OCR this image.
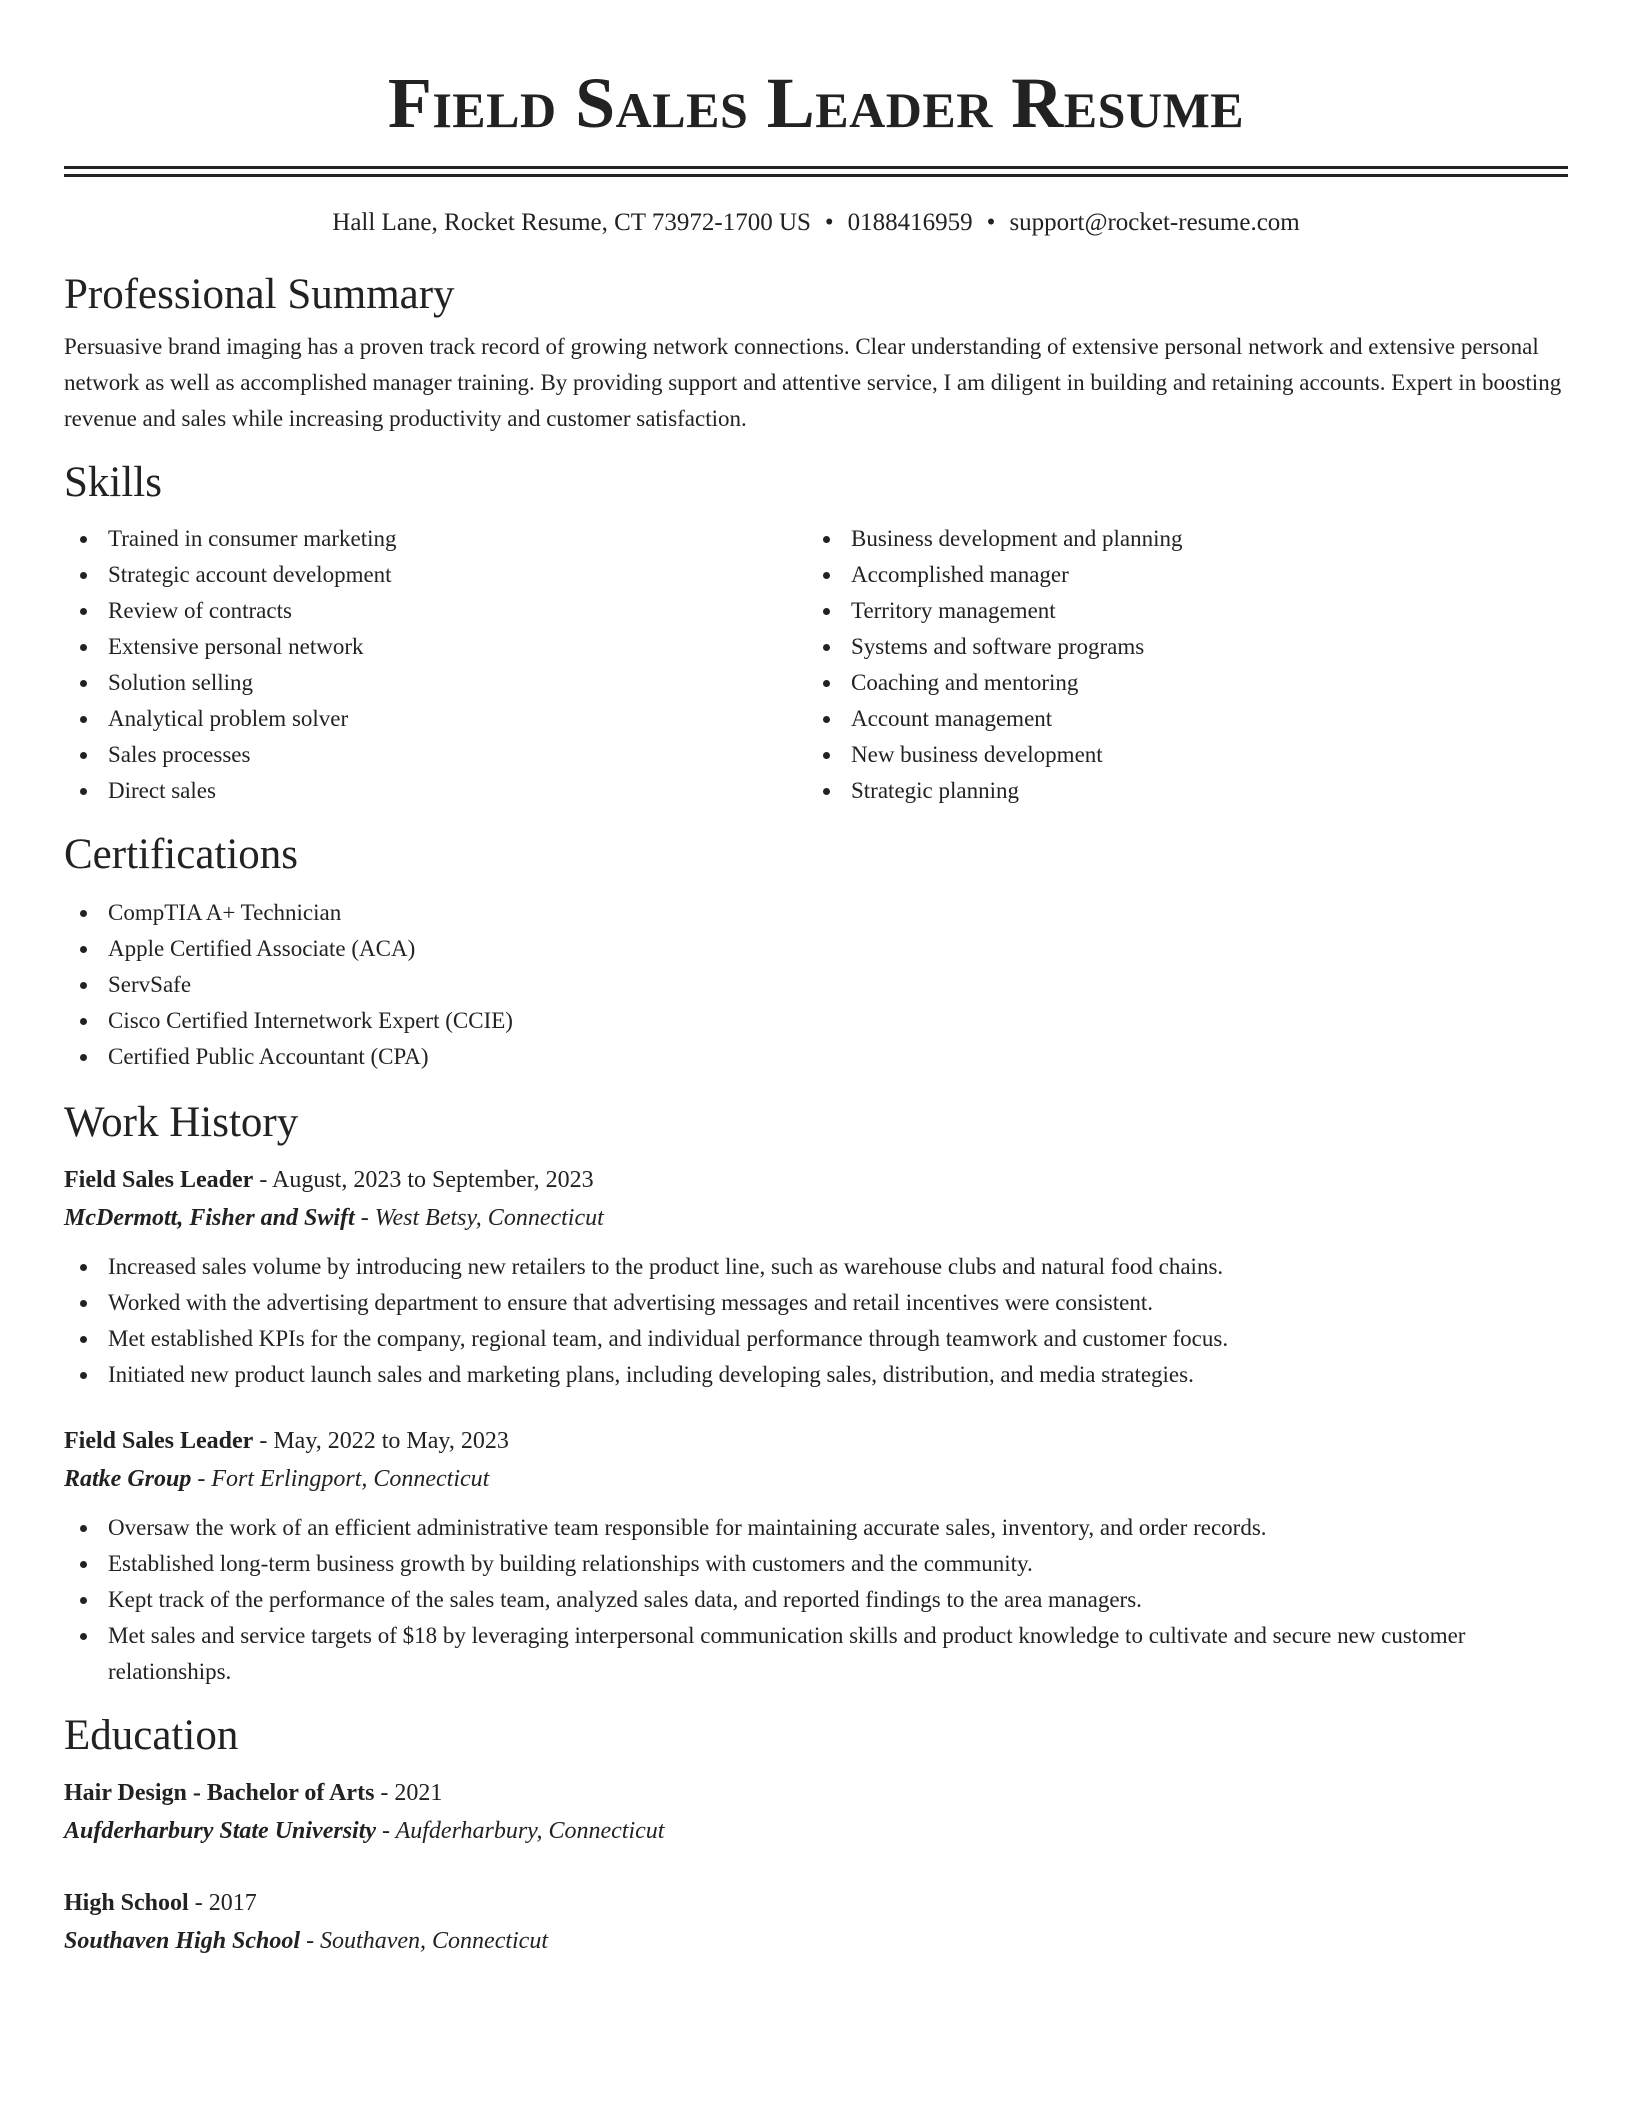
Field Sales Leader Resume
Hall Lane, Rocket Resume, CT 73972-1700 US • 0188416959 • support@rocket-resume.com
Professional Summary

Persuasive brand imaging has a proven track record of growing network connections. Clear understanding of extensive personal network and extensive personal network as well as accomplished manager training. By providing support and attentive service, I am diligent in building and retaining accounts. Expert in boosting revenue and sales while increasing productivity and customer satisfaction.

Skills
Trained in consumer marketing
Strategic account development
Review of contracts
Extensive personal network
Solution selling
Analytical problem solver
Sales processes
Direct sales
Business development and planning
Accomplished manager
Territory management
Systems and software programs
Coaching and mentoring
Account management
New business development
Strategic planning
Certifications
CompTIA A+ Technician
Apple Certified Associate (ACA)
ServSafe
Cisco Certified Internetwork Expert (CCIE)
Certified Public Accountant (CPA)
Work History
Field Sales Leader - August, 2023 to September, 2023
McDermott, Fisher and Swift - West Betsy, Connecticut
Increased sales volume by introducing new retailers to the product line, such as warehouse clubs and natural food chains.
Worked with the advertising department to ensure that advertising messages and retail incentives were consistent.
Met established KPIs for the company, regional team, and individual performance through teamwork and customer focus.
Initiated new product launch sales and marketing plans, including developing sales, distribution, and media strategies.
Field Sales Leader - May, 2022 to May, 2023
Ratke Group - Fort Erlingport, Connecticut
Oversaw the work of an efficient administrative team responsible for maintaining accurate sales, inventory, and order records.
Established long-term business growth by building relationships with customers and the community.
Kept track of the performance of the sales team, analyzed sales data, and reported findings to the area managers.
Met sales and service targets of $18 by leveraging interpersonal communication skills and product knowledge to cultivate and secure new customer relationships.
Education
Hair Design - Bachelor of Arts - 2021
Aufderharbury State University - Aufderharbury, Connecticut
High School - 2017
Southaven High School - Southaven, Connecticut
